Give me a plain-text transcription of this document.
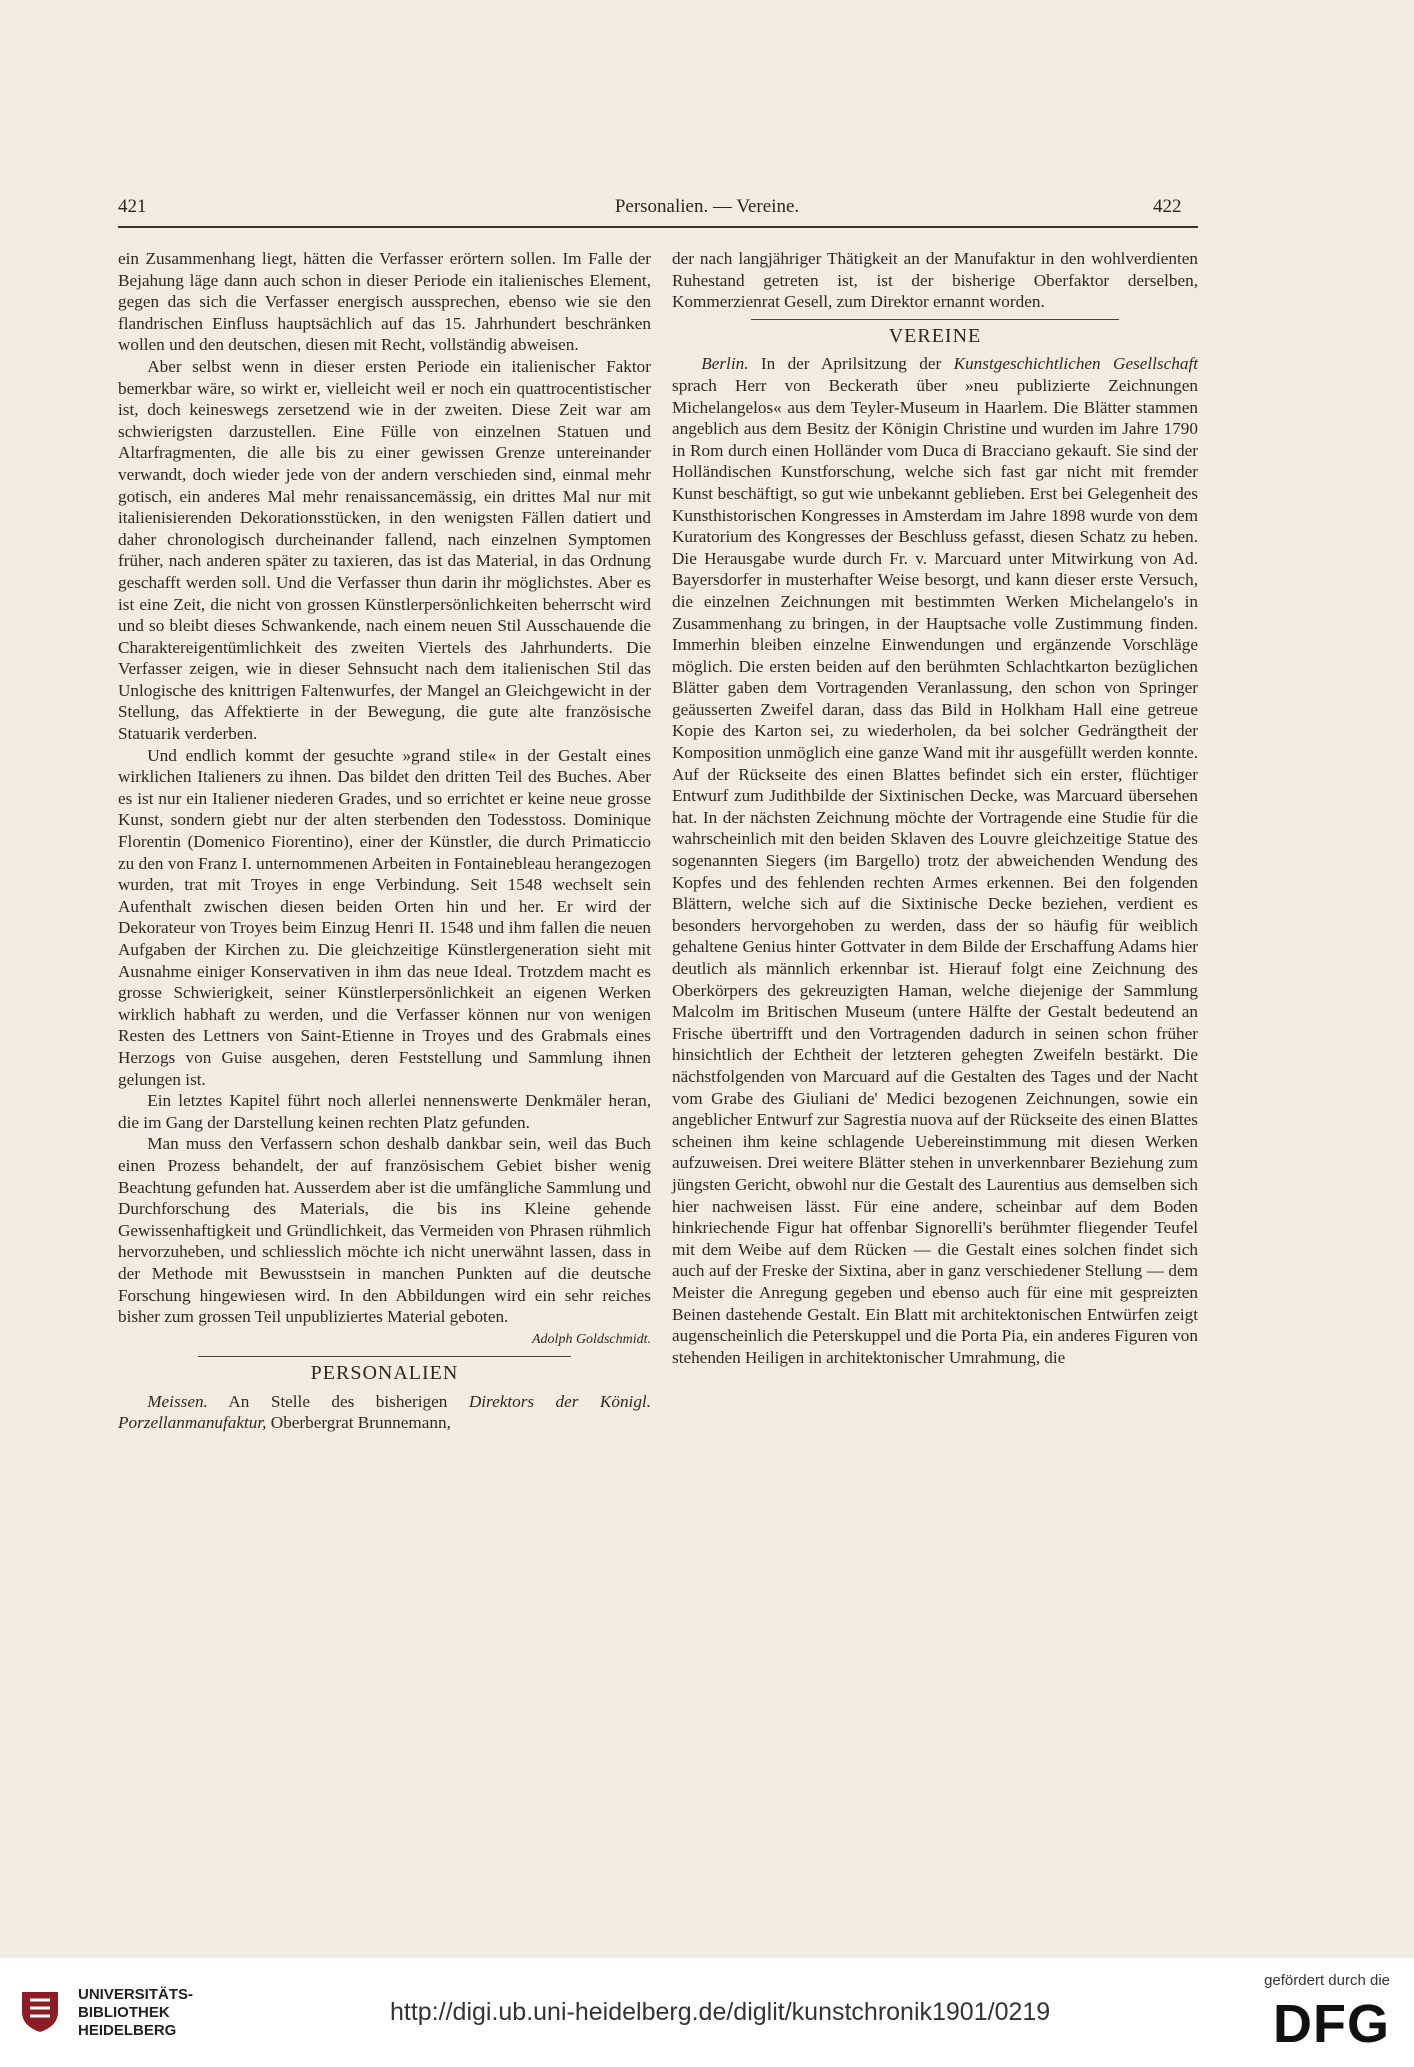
421	Personalien. — Vereine.	422

ein Zusammenhang liegt, hätten die Verfasser erörtern sollen. Im Falle der Bejahung läge dann auch schon in dieser Periode ein italienisches Element, gegen das sich die Verfasser energisch aussprechen, ebenso wie sie den flandrischen Einfluss hauptsächlich auf das 15. Jahrhundert beschränken wollen und den deutschen, diesen mit Recht, vollständig abweisen.

Aber selbst wenn in dieser ersten Periode ein italienischer Faktor bemerkbar wäre, so wirkt er, vielleicht weil er noch ein quattrocentistischer ist, doch keineswegs zersetzend wie in der zweiten. Diese Zeit war am schwierigsten darzustellen. Eine Fülle von einzelnen Statuen und Altarfragmenten, die alle bis zu einer gewissen Grenze untereinander verwandt, doch wieder jede von der andern verschieden sind, einmal mehr gotisch, ein anderes Mal mehr renaissancemässig, ein drittes Mal nur mit italienisierenden Dekorationsstücken, in den wenigsten Fällen datiert und daher chronologisch durcheinander fallend, nach einzelnen Symptomen früher, nach anderen später zu taxieren, das ist das Material, in das Ordnung geschafft werden soll. Und die Verfasser thun darin ihr möglichstes. Aber es ist eine Zeit, die nicht von grossen Künstlerpersönlichkeiten beherrscht wird und so bleibt dieses Schwankende, nach einem neuen Stil Ausschauende die Charaktereigentümlichkeit des zweiten Viertels des Jahrhunderts. Die Verfasser zeigen, wie in dieser Sehnsucht nach dem italienischen Stil das Unlogische des knittrigen Faltenwurfes, der Mangel an Gleichgewicht in der Stellung, das Affektierte in der Bewegung, die gute alte französische Statuarik verderben.

Und endlich kommt der gesuchte »grand stile« in der Gestalt eines wirklichen Italieners zu ihnen. Das bildet den dritten Teil des Buches. Aber es ist nur ein Italiener niederen Grades, und so errichtet er keine neue grosse Kunst, sondern giebt nur der alten sterbenden den Todesstoss. Dominique Florentin (Domenico Fiorentino), einer der Künstler, die durch Primaticcio zu den von Franz I. unternommenen Arbeiten in Fontainebleau herangezogen wurden, trat mit Troyes in enge Verbindung. Seit 1548 wechselt sein Aufenthalt zwischen diesen beiden Orten hin und her. Er wird der Dekorateur von Troyes beim Einzug Henri II. 1548 und ihm fallen die neuen Aufgaben der Kirchen zu. Die gleichzeitige Künstlergeneration sieht mit Ausnahme einiger Konservativen in ihm das neue Ideal. Trotzdem macht es grosse Schwierigkeit, seiner Künstlerpersönlichkeit an eigenen Werken wirklich habhaft zu werden, und die Verfasser können nur von wenigen Resten des Lettners von Saint-Etienne in Troyes und des Grabmals eines Herzogs von Guise ausgehen, deren Feststellung und Sammlung ihnen gelungen ist.

Ein letztes Kapitel führt noch allerlei nennenswerte Denkmäler heran, die im Gang der Darstellung keinen rechten Platz gefunden.

Man muss den Verfassern schon deshalb dankbar sein, weil das Buch einen Prozess behandelt, der auf französischem Gebiet bisher wenig Beachtung gefunden hat. Ausserdem aber ist die umfängliche Sammlung und Durchforschung des Materials, die bis ins Kleine gehende Gewissenhaftigkeit und Gründlichkeit, das Vermeiden von Phrasen rühmlich hervorzuheben, und schliesslich möchte ich nicht unerwähnt lassen, dass in der Methode mit Bewusstsein in manchen Punkten auf die deutsche Forschung hingewiesen wird. In den Abbildungen wird ein sehr reiches bisher zum grossen Teil unpubliziertes Material geboten.

Adolph Goldschmidt.
PERSONALIEN

Meissen. An Stelle des bisherigen Direktors der Königl. Porzellanmanufaktur, Oberbergrat Brunnemann,

der nach langjähriger Thätigkeit an der Manufaktur in den wohlverdienten Ruhestand getreten ist, ist der bisherige Oberfaktor derselben, Kommerzienrat Gesell, zum Direktor ernannt worden.

VEREINE

Berlin. In der Aprilsitzung der Kunstgeschichtlichen Gesellschaft sprach Herr von Beckerath über »neu publizierte Zeichnungen Michelangelos« aus dem Teyler-Museum in Haarlem. Die Blätter stammen angeblich aus dem Besitz der Königin Christine und wurden im Jahre 1790 in Rom durch einen Holländer vom Duca di Bracciano gekauft. Sie sind der Holländischen Kunstforschung, welche sich fast gar nicht mit fremder Kunst beschäftigt, so gut wie unbekannt geblieben. Erst bei Gelegenheit des Kunsthistorischen Kongresses in Amsterdam im Jahre 1898 wurde von dem Kuratorium des Kongresses der Beschluss gefasst, diesen Schatz zu heben. Die Herausgabe wurde durch Fr. v. Marcuard unter Mitwirkung von Ad. Bayersdorfer in musterhafter Weise besorgt, und kann dieser erste Versuch, die einzelnen Zeichnungen mit bestimmten Werken Michelangelo's in Zusammenhang zu bringen, in der Hauptsache volle Zustimmung finden. Immerhin bleiben einzelne Einwendungen und ergänzende Vorschläge möglich. Die ersten beiden auf den berühmten Schlachtkarton bezüglichen Blätter gaben dem Vortragenden Veranlassung, den schon von Springer geäusserten Zweifel daran, dass das Bild in Holkham Hall eine getreue Kopie des Karton sei, zu wiederholen, da bei solcher Gedrängtheit der Komposition unmöglich eine ganze Wand mit ihr ausgefüllt werden konnte. Auf der Rückseite des einen Blattes befindet sich ein erster, flüchtiger Entwurf zum Judithbilde der Sixtinischen Decke, was Marcuard übersehen hat. In der nächsten Zeichnung möchte der Vortragende eine Studie für die wahrscheinlich mit den beiden Sklaven des Louvre gleichzeitige Statue des sogenannten Siegers (im Bargello) trotz der abweichenden Wendung des Kopfes und des fehlenden rechten Armes erkennen. Bei den folgenden Blättern, welche sich auf die Sixtinische Decke beziehen, verdient es besonders hervorgehoben zu werden, dass der so häufig für weiblich gehaltene Genius hinter Gottvater in dem Bilde der Erschaffung Adams hier deutlich als männlich erkennbar ist. Hierauf folgt eine Zeichnung des Oberkörpers des gekreuzigten Haman, welche diejenige der Sammlung Malcolm im Britischen Museum (untere Hälfte der Gestalt bedeutend an Frische übertrifft und den Vortragenden dadurch in seinen schon früher hinsichtlich der Echtheit der letzteren gehegten Zweifeln bestärkt. Die nächstfolgenden von Marcuard auf die Gestalten des Tages und der Nacht vom Grabe des Giuliani de' Medici bezogenen Zeichnungen, sowie ein angeblicher Entwurf zur Sagrestia nuova auf der Rückseite des einen Blattes scheinen ihm keine schlagende Uebereinstimmung mit diesen Werken aufzuweisen. Drei weitere Blätter stehen in unverkennbarer Beziehung zum jüngsten Gericht, obwohl nur die Gestalt des Laurentius aus demselben sich hier nachweisen lässt. Für eine andere, scheinbar auf dem Boden hinkriechende Figur hat offenbar Signorelli's berühmter fliegender Teufel mit dem Weibe auf dem Rücken — die Gestalt eines solchen findet sich auch auf der Freske der Sixtina, aber in ganz verschiedener Stellung — dem Meister die Anregung gegeben und ebenso auch für eine mit gespreizten Beinen dastehende Gestalt. Ein Blatt mit architektonischen Entwürfen zeigt augenscheinlich die Peterskuppel und die Porta Pia, ein anderes Figuren von stehenden Heiligen in architektonischer Umrahmung, die

UNIVERSITÄTS-
BIBLIOTHEK
HEIDELBERG
http://digi.ub.uni-heidelberg.de/diglit/kunstchronik1901/0219
gefördert durch die
DFG
